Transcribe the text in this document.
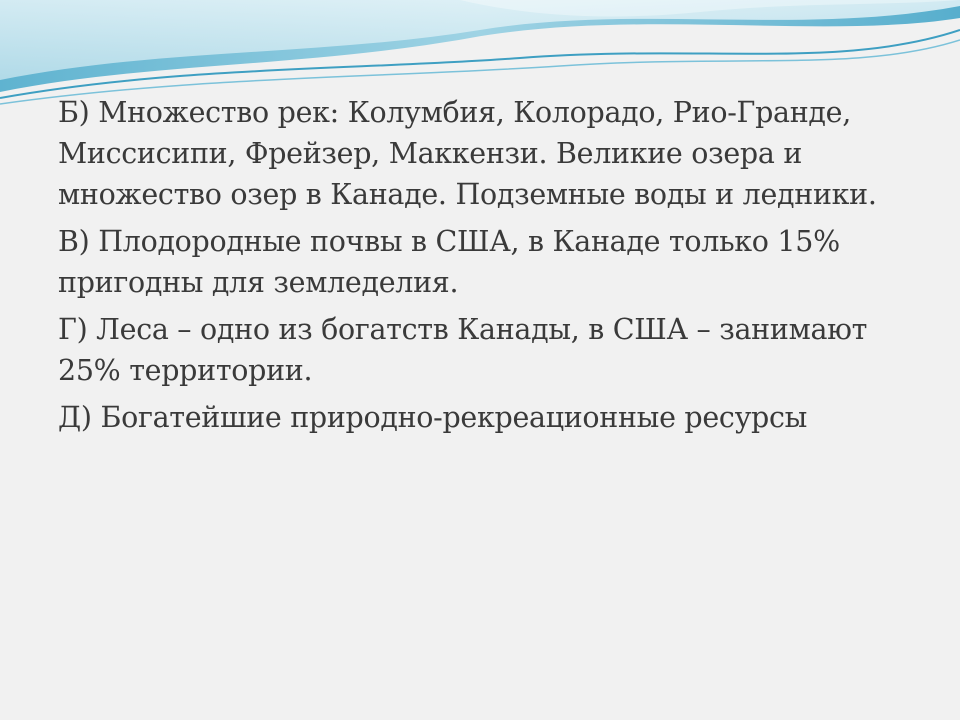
Б) Множество рек: Колумбия, Колорадо, Рио-Гранде, Миссисипи, Фрейзер, Маккензи. Великие озера и множество озер в Канаде. Подземные воды и ледники.

В) Плодородные почвы в США, в Канаде только 15% пригодны для земледелия.

Г) Леса – одно из богатств Канады, в США – занимают 25% территории.

Д) Богатейшие природно-рекреационные ресурсы
